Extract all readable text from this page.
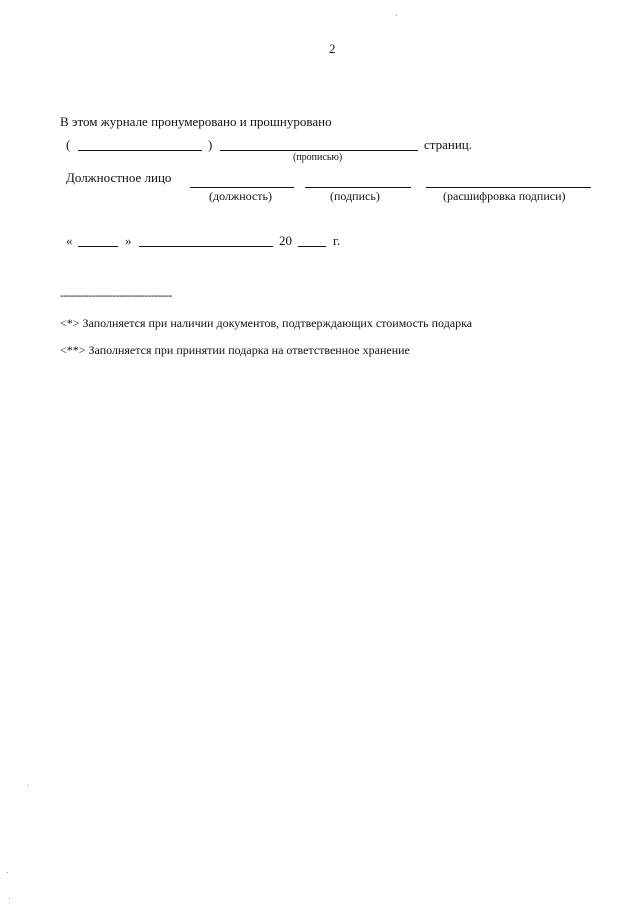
2
В этом журнале пронумеровано и прошнуровано
(	)	страниц.
(прописью)
Должностное лицо
(должность)	(подпись)	(расшифровка подписи)
«	»	20	г.
--------------------------------
<*> Заполняется при наличии документов, подтверждающих стоимость подарка
<**> Заполняется при принятии подарка на ответственное хранение
